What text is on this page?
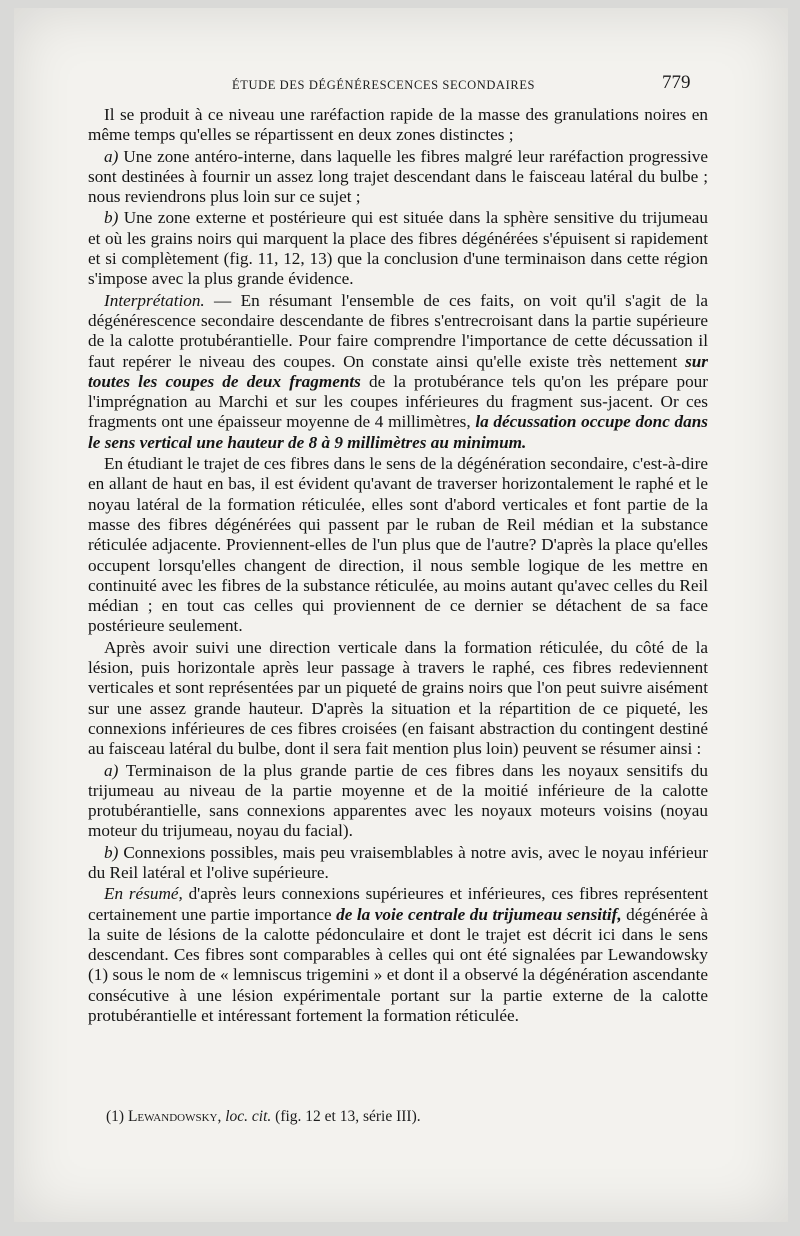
ÉTUDE DES DÉGÉNÉRESCENCES SECONDAIRES	779

Il se produit à ce niveau une raréfaction rapide de la masse des granulations noires en même temps qu'elles se répartissent en deux zones distinctes ;

a) Une zone antéro-interne, dans laquelle les fibres malgré leur raréfaction progressive sont destinées à fournir un assez long trajet descendant dans le faisceau latéral du bulbe ; nous reviendrons plus loin sur ce sujet ;

b) Une zone externe et postérieure qui est située dans la sphère sensitive du trijumeau et où les grains noirs qui marquent la place des fibres dégénérées s'épuisent si rapidement et si complètement (fig. 11, 12, 13) que la conclusion d'une terminaison dans cette région s'impose avec la plus grande évidence.

Interprétation. — En résumant l'ensemble de ces faits, on voit qu'il s'agit de la dégénérescence secondaire descendante de fibres s'entrecroisant dans la partie supérieure de la calotte protubérantielle. Pour faire comprendre l'importance de cette décussation il faut repérer le niveau des coupes. On constate ainsi qu'elle existe très nettement sur toutes les coupes de deux fragments de la protubérance tels qu'on les prépare pour l'imprégnation au Marchi et sur les coupes inférieures du fragment sus-jacent. Or ces fragments ont une épaisseur moyenne de 4 millimètres, la décussation occupe donc dans le sens vertical une hauteur de 8 à 9 millimètres au minimum.

En étudiant le trajet de ces fibres dans le sens de la dégénération secondaire, c'est-à-dire en allant de haut en bas, il est évident qu'avant de traverser horizontalement le raphé et le noyau latéral de la formation réticulée, elles sont d'abord verticales et font partie de la masse des fibres dégénérées qui passent par le ruban de Reil médian et la substance réticulée adjacente. Proviennent-elles de l'un plus que de l'autre? D'après la place qu'elles occupent lorsqu'elles changent de direction, il nous semble logique de les mettre en continuité avec les fibres de la substance réticulée, au moins autant qu'avec celles du Reil médian ; en tout cas celles qui proviennent de ce dernier se détachent de sa face postérieure seulement.

Après avoir suivi une direction verticale dans la formation réticulée, du côté de la lésion, puis horizontale après leur passage à travers le raphé, ces fibres redeviennent verticales et sont représentées par un piqueté de grains noirs que l'on peut suivre aisément sur une assez grande hauteur. D'après la situation et la répartition de ce piqueté, les connexions inférieures de ces fibres croisées (en faisant abstraction du contingent destiné au faisceau latéral du bulbe, dont il sera fait mention plus loin) peuvent se résumer ainsi :

a) Terminaison de la plus grande partie de ces fibres dans les noyaux sensitifs du trijumeau au niveau de la partie moyenne et de la moitié inférieure de la calotte protubérantielle, sans connexions apparentes avec les noyaux moteurs voisins (noyau moteur du trijumeau, noyau du facial).

b) Connexions possibles, mais peu vraisemblables à notre avis, avec le noyau inférieur du Reil latéral et l'olive supérieure.

En résumé, d'après leurs connexions supérieures et inférieures, ces fibres représentent certainement une partie importance de la voie centrale du trijumeau sensitif, dégénérée à la suite de lésions de la calotte pédonculaire et dont le trajet est décrit ici dans le sens descendant. Ces fibres sont comparables à celles qui ont été signalées par Lewandowsky (1) sous le nom de « lemniscus trigemini » et dont il a observé la dégénération ascendante consécutive à une lésion expérimentale portant sur la partie externe de la calotte protubérantielle et intéressant fortement la formation réticulée.

(1) Lewandowsky, loc. cit. (fig. 12 et 13, série III).
